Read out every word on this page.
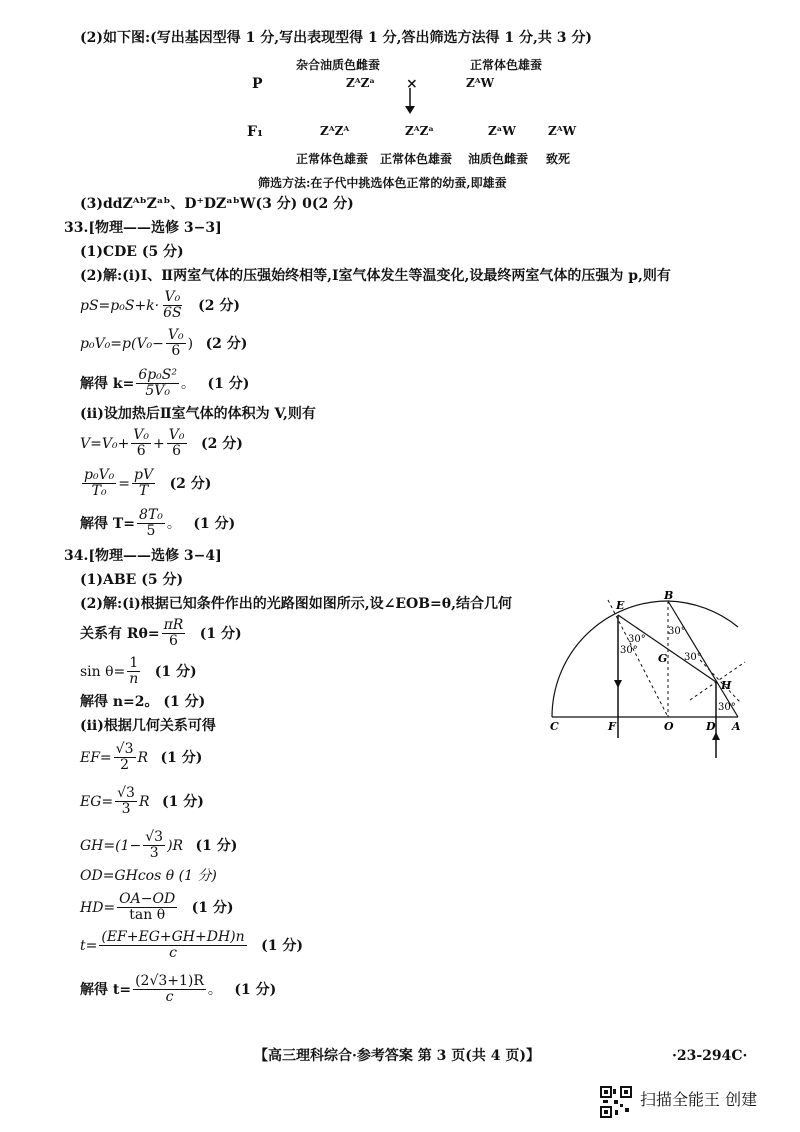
(2)如下图:(写出基因型得 1 分,写出表现型得 1 分,答出筛选方法得 1 分,共 3 分)
杂合油质色雌蚕	正常体色雄蚕
P	ZᴬZᵃ ×	ZᴬW
F₁	ZᴬZᴬ	ZᴬZᵃ	ZᵃW	ZᴬW
正常体色雄蚕 正常体色雄蚕 油质色雌蚕 致死
筛选方法:在子代中挑选体色正常的幼蚕,即雄蚕
(3)ddZᴬᵇZᵃᵇ、D⁺DZᵃᵇW(3 分) 0(2 分)
33.[物理——选修 3−3]
(1)CDE (5 分)
(2)解:(ⅰ)Ⅰ、Ⅱ两室气体的压强始终相等,Ⅰ室气体发生等温变化,设最终两室气体的压强为 p,则有
$pS=p_0S+k\cdot \frac{\text{V₀}}{6S} (2$ 分)
$p_0V_0=p(V_0- \frac{\text{V₀}}{6}$ ) (2 分)
解得 $k= \frac{\text{6p₀S²}}{\text{5V₀}}$ 。 (1 分)
(ⅱ)设加热后Ⅱ室气体的体积为 V,则有
$V=V_0+ \frac{\text{V₀}}{6} + \frac{\text{V₀}}{6} (2$ 分)
$\frac{\text{p₀V₀}}{\text{T₀}} = \frac{pV}{T} (2$ 分)
解得 $T= \frac{\text{8T₀}}{5}$ 。 (1 分)
34.[物理——选修 3−4]
(1)ABE (5 分)
(2)解:(ⅰ)根据已知条件作出的光路图如图所示,设∠EOB=θ,结合几何
关系有 $R\theta= \frac{\pi R}{6} (1$ 分)
$\sin \theta= \frac{1}{n} (1$ 分)
解得 n=2。 (1 分)
(ⅱ)根据几何关系可得
$EF= \frac{√3}{2}$ R (1 分)
$EG= \frac{√3}{3}$ R (1 分)
$GH=(1- \frac{√3}{3} )R$ (1 分)
OD=GHcos θ (1 分)
$HD= \frac{OA-OD}{\text{tan θ}} (1$ 分)
$t= \frac{(EF+EG+GH+DH)n}{c} (1$ 分)
解得 $t= \frac{(2√3+1)R}{c}$ 。 (1 分)
E
B
G
H
C	F	O	D A
30°
30°
30°
30°
30°
【高三理科综合·参考答案 第 3 页(共 4 页)】	·23-294C·
扫描全能王 创建
